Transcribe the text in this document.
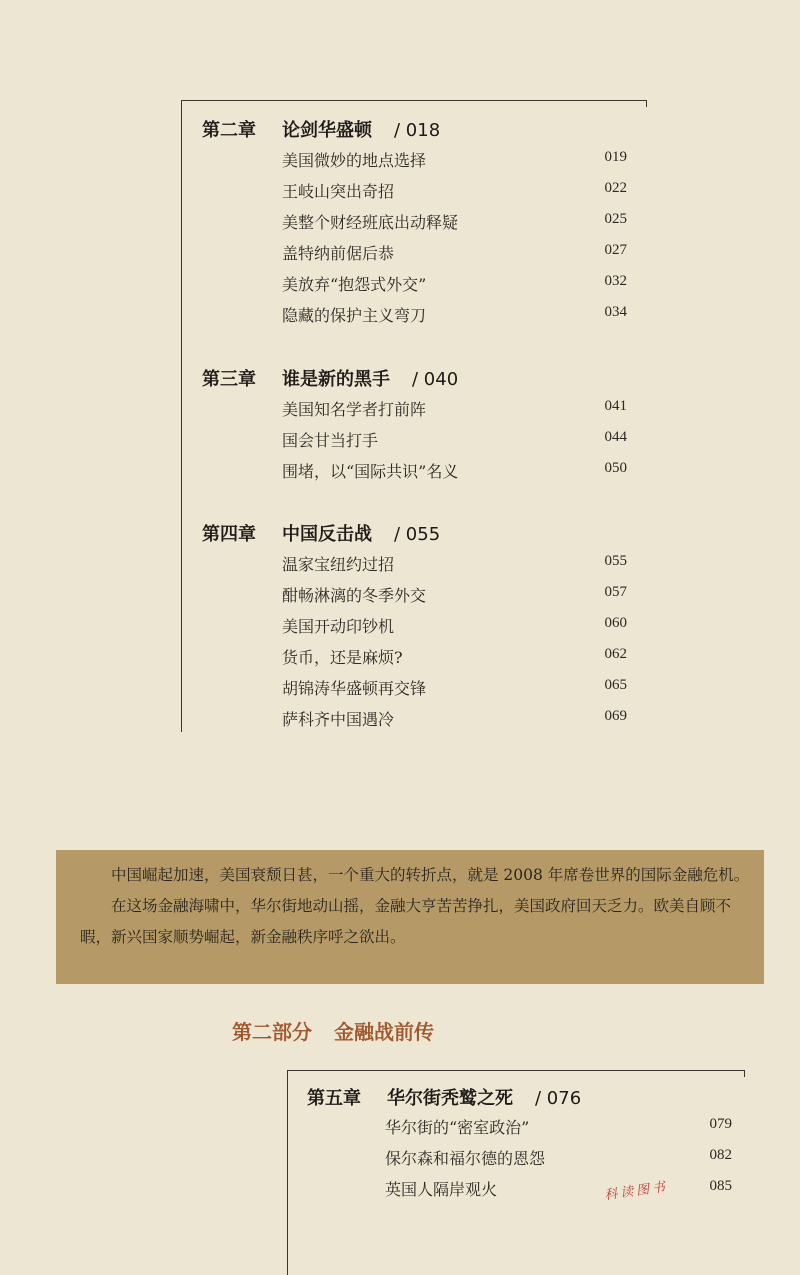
第二章 论剑华盛顿 / 018
美国微妙的地点选择	019
王岐山突出奇招	022
美整个财经班底出动释疑	025
盖特纳前倨后恭	027
美放弃“抱怨式外交”	032
隐藏的保护主义弯刀	034
第三章 谁是新的黑手 / 040
美国知名学者打前阵	041
国会甘当打手	044
围堵，以“国际共识”名义	050
第四章 中国反击战 / 055
温家宝纽约过招	055
酣畅淋漓的冬季外交	057
美国开动印钞机	060
货币，还是麻烦?	062
胡锦涛华盛顿再交锋	065
萨科齐中国遇冷	069

中国崛起加速，美国衰颓日甚，一个重大的转折点，就是 2008 年席卷世界的国际金融危机。

在这场金融海啸中，华尔街地动山摇，金融大亨苦苦挣扎，美国政府回天乏力。欧美自顾不暇，新兴国家顺势崛起，新金融秩序呼之欲出。

第二部分 金融战前传
第五章 华尔街秃鹫之死 / 076
华尔街的“密室政治”	079
保尔森和福尔德的恩怨	082
英国人隔岸观火	085
科读图书
